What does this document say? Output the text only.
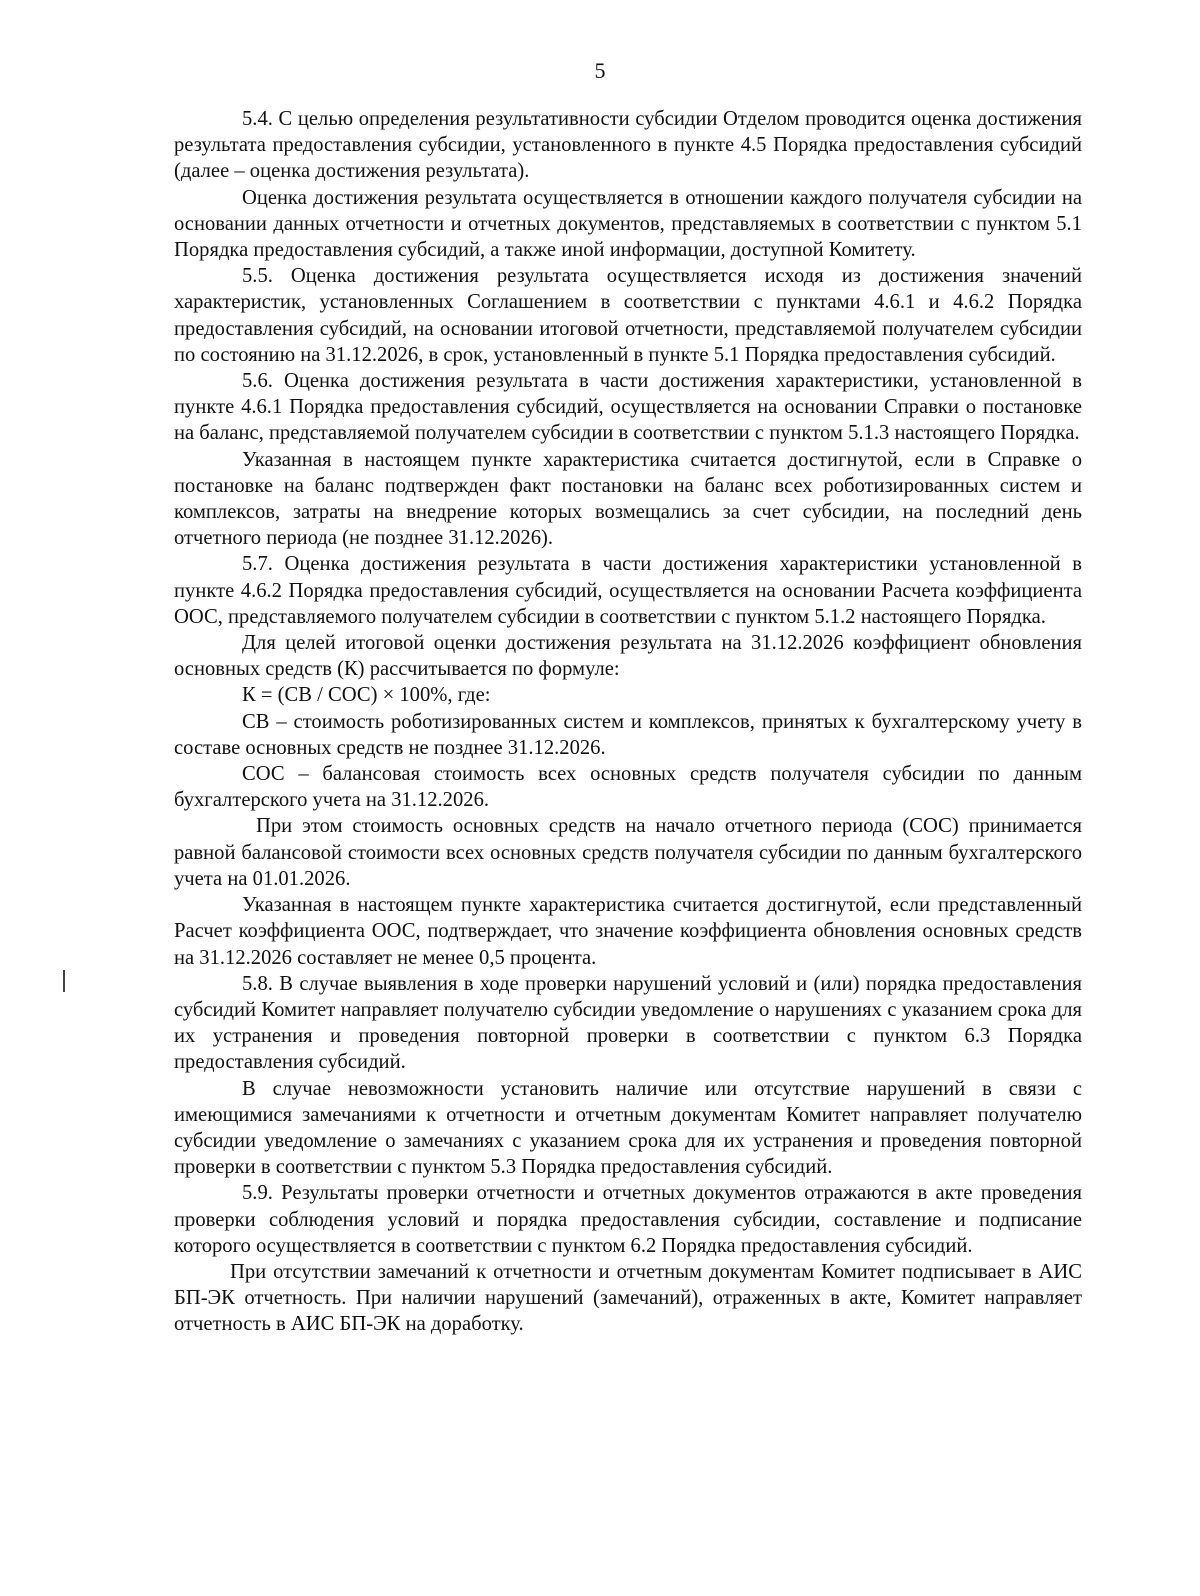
5

5.4. С целью определения результативности субсидии Отделом проводится оценка достижения результата предоставления субсидии, установленного в пункте 4.5 Порядка предоставления субсидий (далее – оценка достижения результата).

Оценка достижения результата осуществляется в отношении каждого получателя субсидии на основании данных отчетности и отчетных документов, представляемых в соответствии с пунктом 5.1 Порядка предоставления субсидий, а также иной информации, доступной Комитету.

5.5. Оценка достижения результата осуществляется исходя из достижения значений характеристик, установленных Соглашением в соответствии с пунктами 4.6.1 и 4.6.2 Порядка предоставления субсидий, на основании итоговой отчетности, представляемой получателем субсидии по состоянию на 31.12.2026, в срок, установленный в пункте 5.1 Порядка предоставления субсидий.

5.6. Оценка достижения результата в части достижения характеристики, установленной в пункте 4.6.1 Порядка предоставления субсидий, осуществляется на основании Справки о постановке на баланс, представляемой получателем субсидии в соответствии с пунктом 5.1.3 настоящего Порядка.

Указанная в настоящем пункте характеристика считается достигнутой, если в Справке о постановке на баланс подтвержден факт постановки на баланс всех роботизированных систем и комплексов, затраты на внедрение которых возмещались за счет субсидии, на последний день отчетного периода (не позднее 31.12.2026).

5.7. Оценка достижения результата в части достижения характеристики установленной в пункте 4.6.2 Порядка предоставления субсидий, осуществляется на основании Расчета коэффициента ООС, представляемого получателем субсидии в соответствии с пунктом 5.1.2 настоящего Порядка.

Для целей итоговой оценки достижения результата на 31.12.2026 коэффициент обновления основных средств (К) рассчитывается по формуле:

К = (СВ / СОС) × 100%, где:

СВ – стоимость роботизированных систем и комплексов, принятых к бухгалтерскому учету в составе основных средств не позднее 31.12.2026.

СОС – балансовая стоимость всех основных средств получателя субсидии по данным бухгалтерского учета на 31.12.2026.

При этом стоимость основных средств на начало отчетного периода (СОС) принимается равной балансовой стоимости всех основных средств получателя субсидии по данным бухгалтерского учета на 01.01.2026.

Указанная в настоящем пункте характеристика считается достигнутой, если представленный Расчет коэффициента ООС, подтверждает, что значение коэффициента обновления основных средств на 31.12.2026 составляет не менее 0,5 процента.

5.8. В случае выявления в ходе проверки нарушений условий и (или) порядка предоставления субсидий Комитет направляет получателю субсидии уведомление о нарушениях с указанием срока для их устранения и проведения повторной проверки в соответствии с пунктом 6.3 Порядка предоставления субсидий.

В случае невозможности установить наличие или отсутствие нарушений в связи с имеющимися замечаниями к отчетности и отчетным документам Комитет направляет получателю субсидии уведомление о замечаниях с указанием срока для их устранения и проведения повторной проверки в соответствии с пунктом 5.3 Порядка предоставления субсидий.

5.9. Результаты проверки отчетности и отчетных документов отражаются в акте проведения проверки соблюдения условий и порядка предоставления субсидии, составление и подписание которого осуществляется в соответствии с пунктом 6.2 Порядка предоставления субсидий.

При отсутствии замечаний к отчетности и отчетным документам Комитет подписывает в АИС БП-ЭК отчетность. При наличии нарушений (замечаний), отраженных в акте, Комитет направляет отчетность в АИС БП-ЭК на доработку.
